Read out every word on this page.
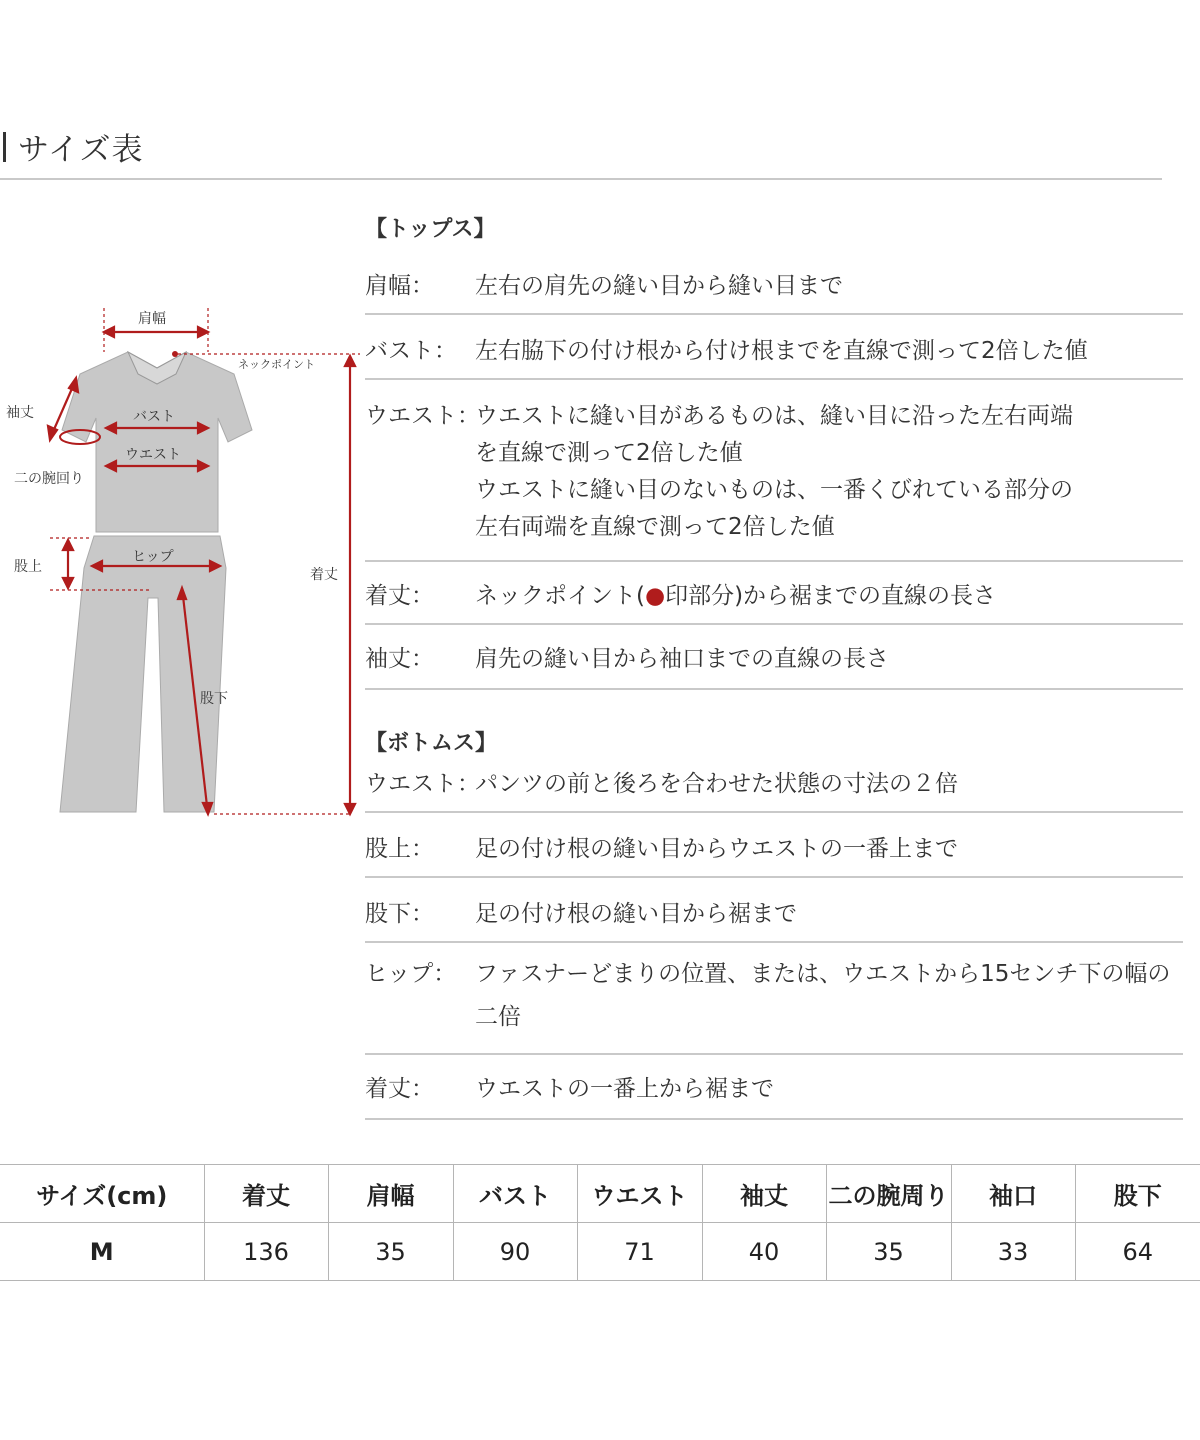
サイズ表
肩幅
ネックポイント
袖丈	バスト
ウエスト
二の腕回り
股上
ヒップ
着丈
股下
【トップス】
肩幅：	左右の肩先の縫い目から縫い目まで
バスト： 左右脇下の付け根から付け根までを直線で測って2倍した値
ウエスト：
ウエストに縫い目があるものは、縫い目に沿った左右両端
を直線で測って2倍した値
ウエストに縫い目のないものは、一番くびれている部分の
左右両端を直線で測って2倍した値
着丈：	ネックポイント(●印部分)から裾までの直線の長さ
袖丈：	肩先の縫い目から袖口までの直線の長さ
【ボトムス】
ウエスト：
パンツの前と後ろを合わせた状態の寸法の２倍
股上：	足の付け根の縫い目からウエストの一番上まで
股下：	足の付け根の縫い目から裾まで
ヒップ： ファスナーどまりの位置、または、ウエストから15センチ下の幅の
二倍
着丈：	ウエストの一番上から裾まで
サイズ(cm)	着丈	肩幅	バスト	ウエスト	袖丈	二の腕周り	袖口	股下
M	136	35	90	71	40	35	33	64
